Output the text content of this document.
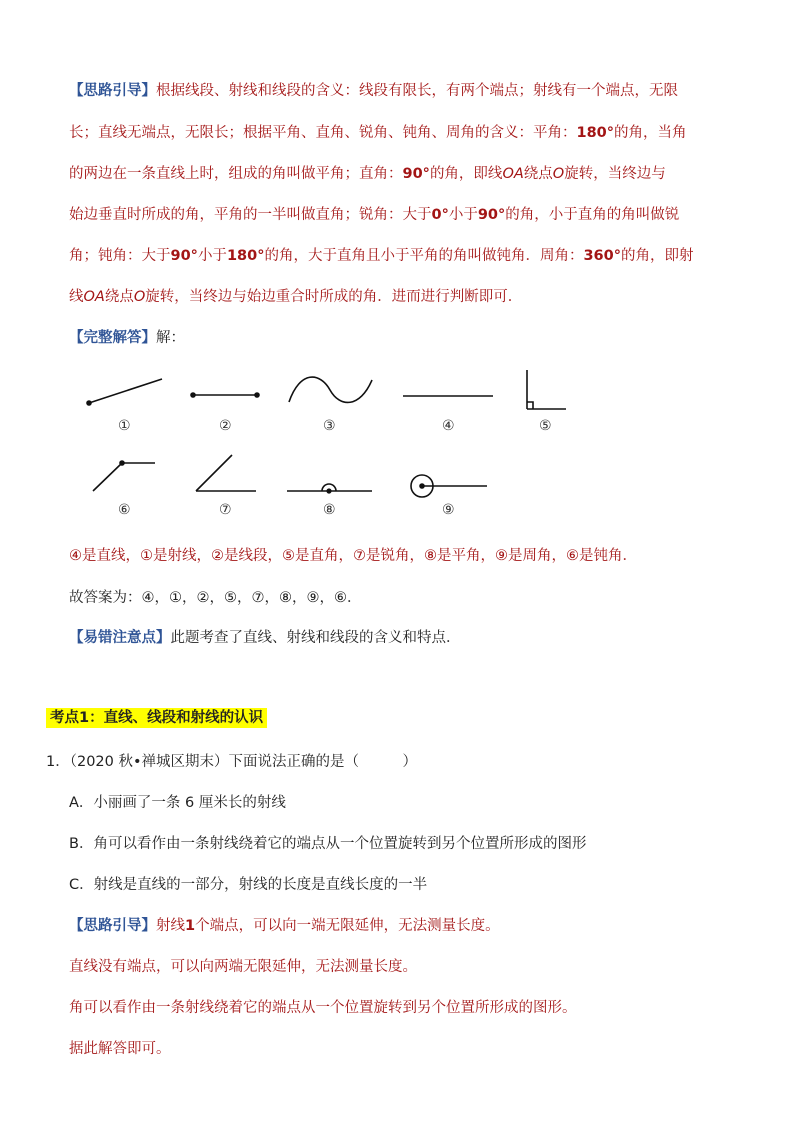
【思路引导】根据线段、射线和线段的含义：线段有限长，有两个端点；射线有一个端点，无限
长；直线无端点，无限长；根据平角、直角、锐角、钝角、周角的含义：平角：180°的角，当角
的两边在一条直线上时，组成的角叫做平角；直角：90°的角，即线OA绕点O旋转，当终边与
始边垂直时所成的角，平角的一半叫做直角；锐角：大于0°小于90°的角，小于直角的角叫做锐
角；钝角：大于90°小于180°的角，大于直角且小于平角的角叫做钝角．周角：360°的角，即射
线OA绕点O旋转，当终边与始边重合时所成的角．进而进行判断即可．
【完整解答】解：
①	②	③	④	⑤
⑥	⑦	⑧	⑨
④是直线，①是射线，②是线段，⑤是直角，⑦是锐角，⑧是平角，⑨是周角，⑥是钝角．
故答案为：④，①，②，⑤，⑦，⑧，⑨，⑥．
【易错注意点】此题考查了直线、射线和线段的含义和特点．
考点1：直线、线段和射线的认识
1．（2020 秋•禅城区期末）下面说法正确的是（　　　）
A．小丽画了一条 6 厘米长的射线
B．角可以看作由一条射线绕着它的端点从一个位置旋转到另个位置所形成的图形
C．射线是直线的一部分，射线的长度是直线长度的一半
【思路引导】射线1个端点，可以向一端无限延伸，无法测量长度。
直线没有端点，可以向两端无限延伸，无法测量长度。
角可以看作由一条射线绕着它的端点从一个位置旋转到另个位置所形成的图形。
据此解答即可。
